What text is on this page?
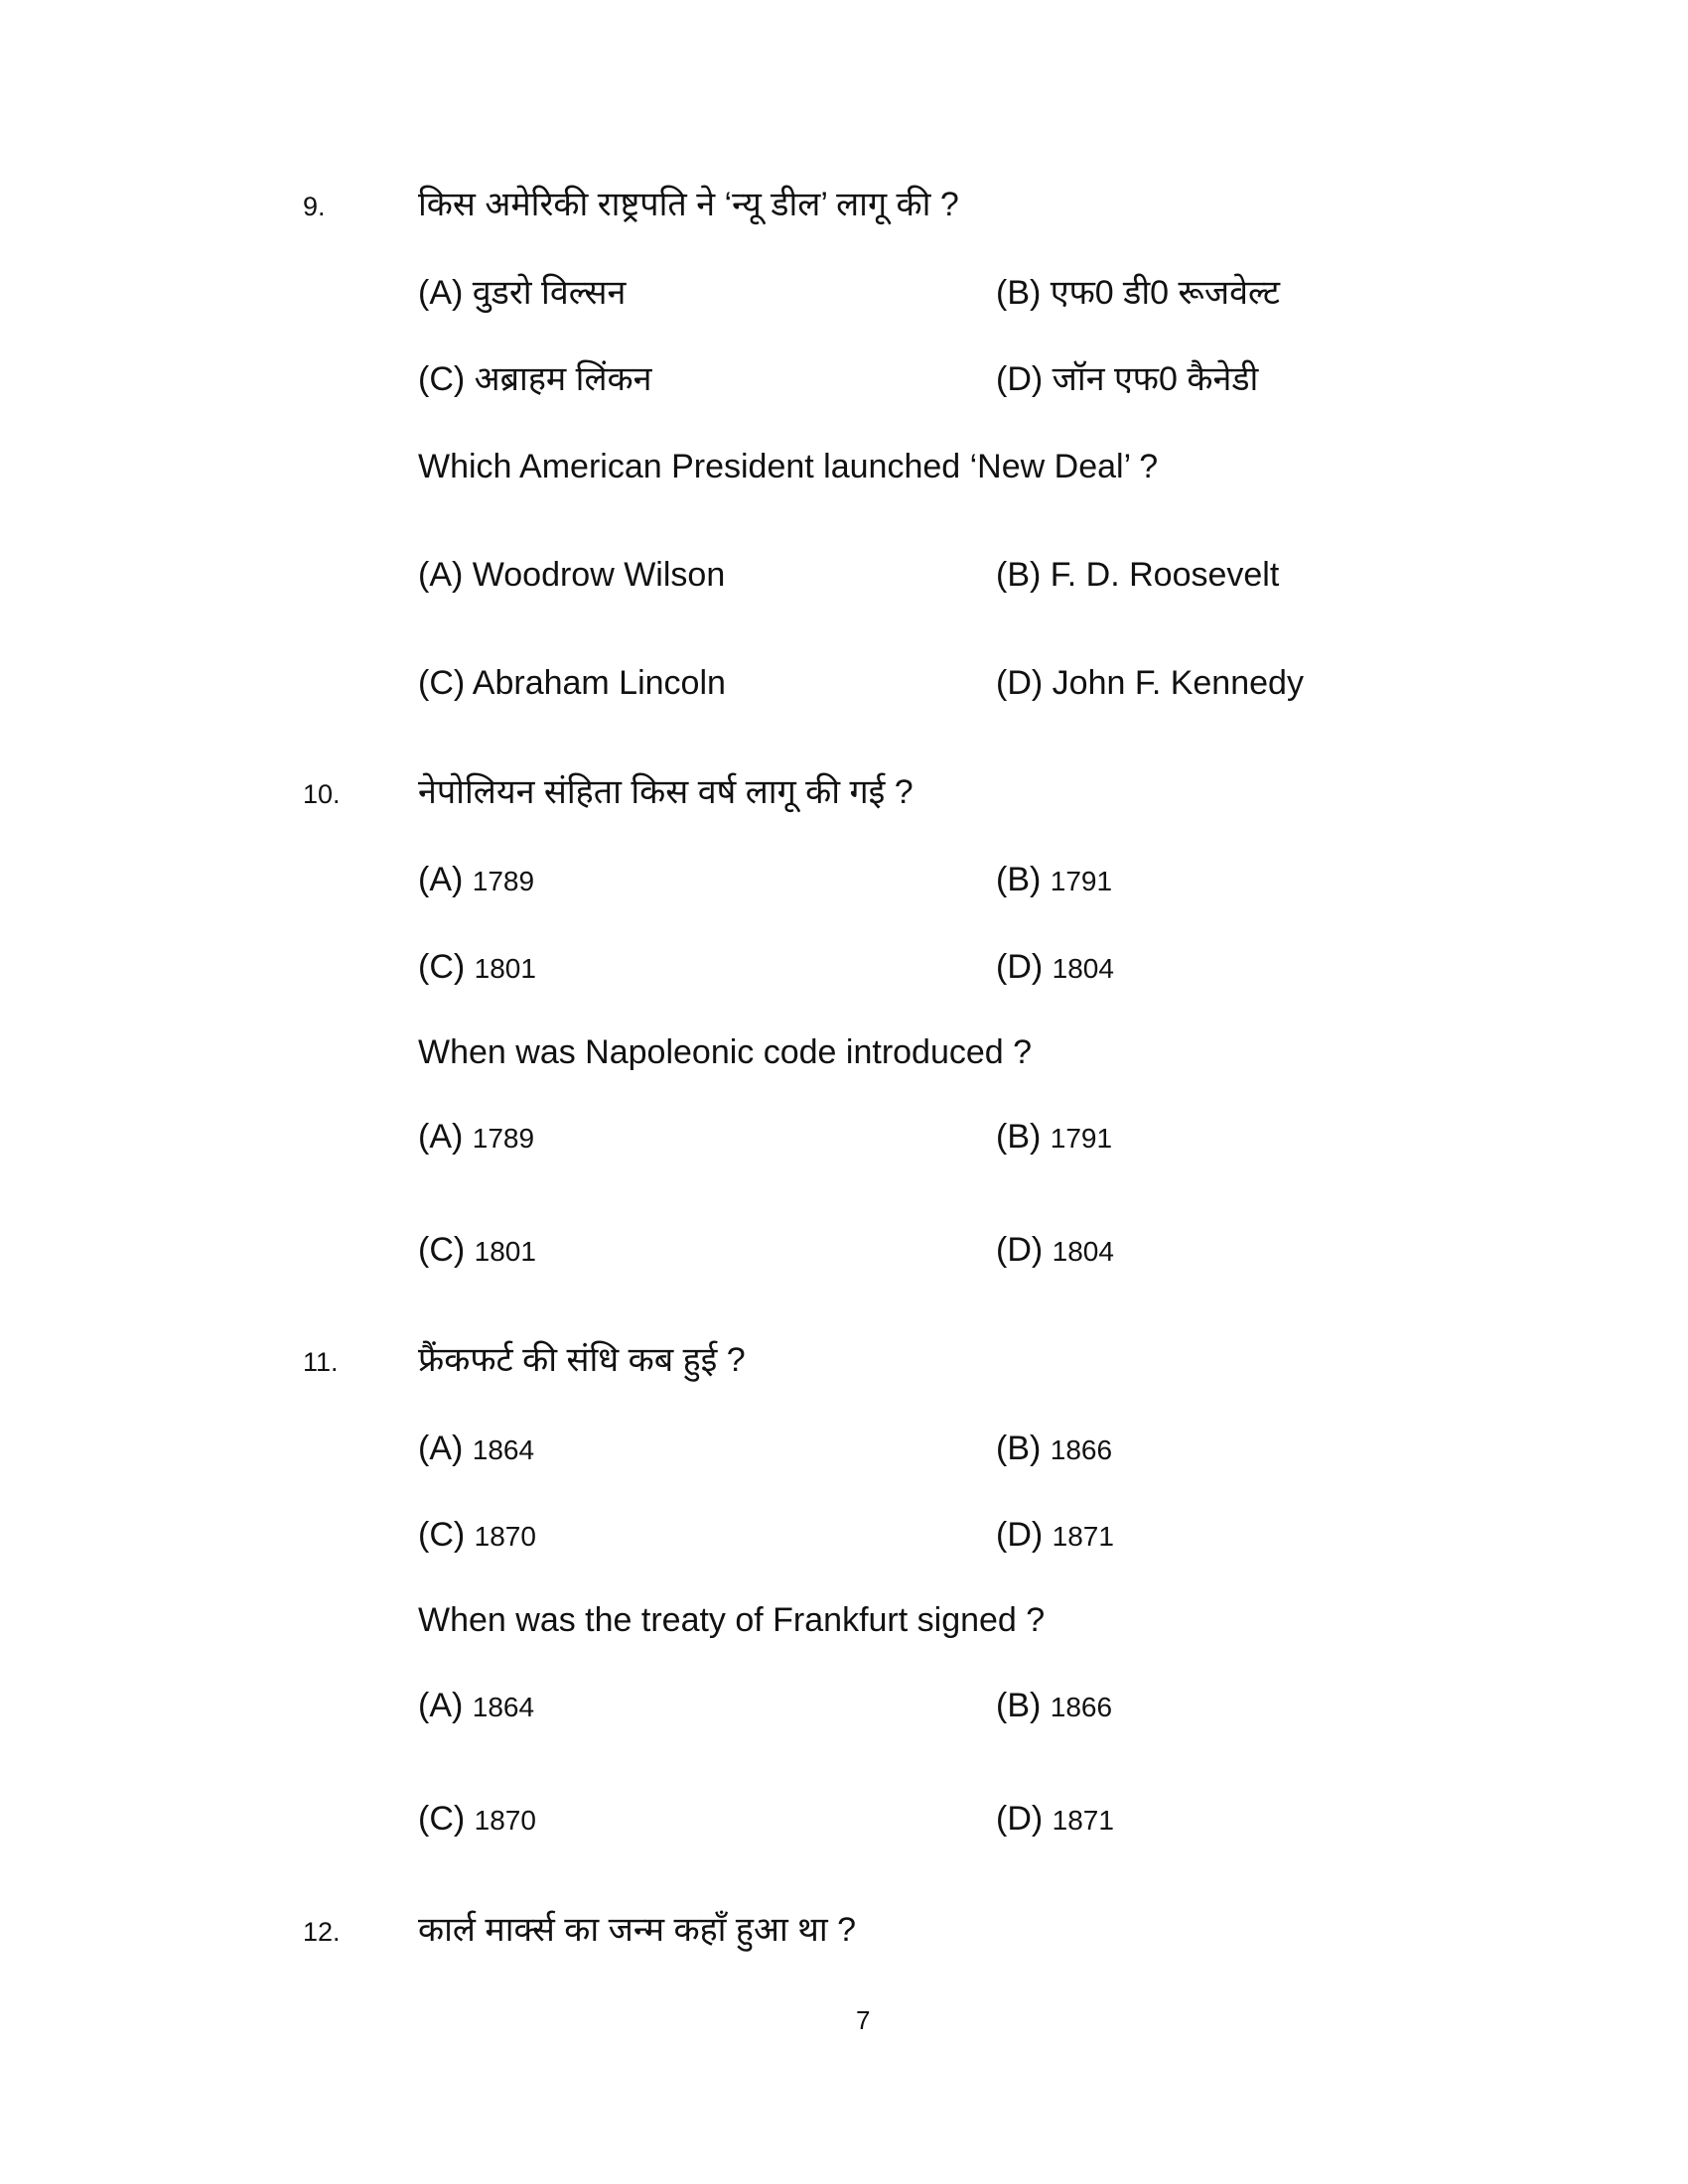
9.	किस अमेरिकी राष्ट्रपति ने ‘न्यू डील’ लागू की ?
(A) वुडरो विल्सन	(B) एफ0 डी0 रूजवेल्ट
(C) अब्राहम लिंकन	(D) जॉन एफ0 कैनेडी
Which American President launched ‘New Deal’ ?
(A) Woodrow Wilson	(B) F. D. Roosevelt
(C) Abraham Lincoln	(D) John F. Kennedy
10. नेपोलियन संहिता किस वर्ष लागू की गई ?
(A) 1789	(B) 1791
(C) 1801	(D) 1804
When was Napoleonic code introduced ?
(A) 1789	(B) 1791
(C) 1801	(D) 1804
11. फ्रैंकफर्ट की संधि कब हुई ?
(A) 1864	(B) 1866
(C) 1870	(D) 1871
When was the treaty of Frankfurt signed ?
(A) 1864	(B) 1866
(C) 1870	(D) 1871
12. कार्ल मार्क्स का जन्म कहाँ हुआ था ?
7
